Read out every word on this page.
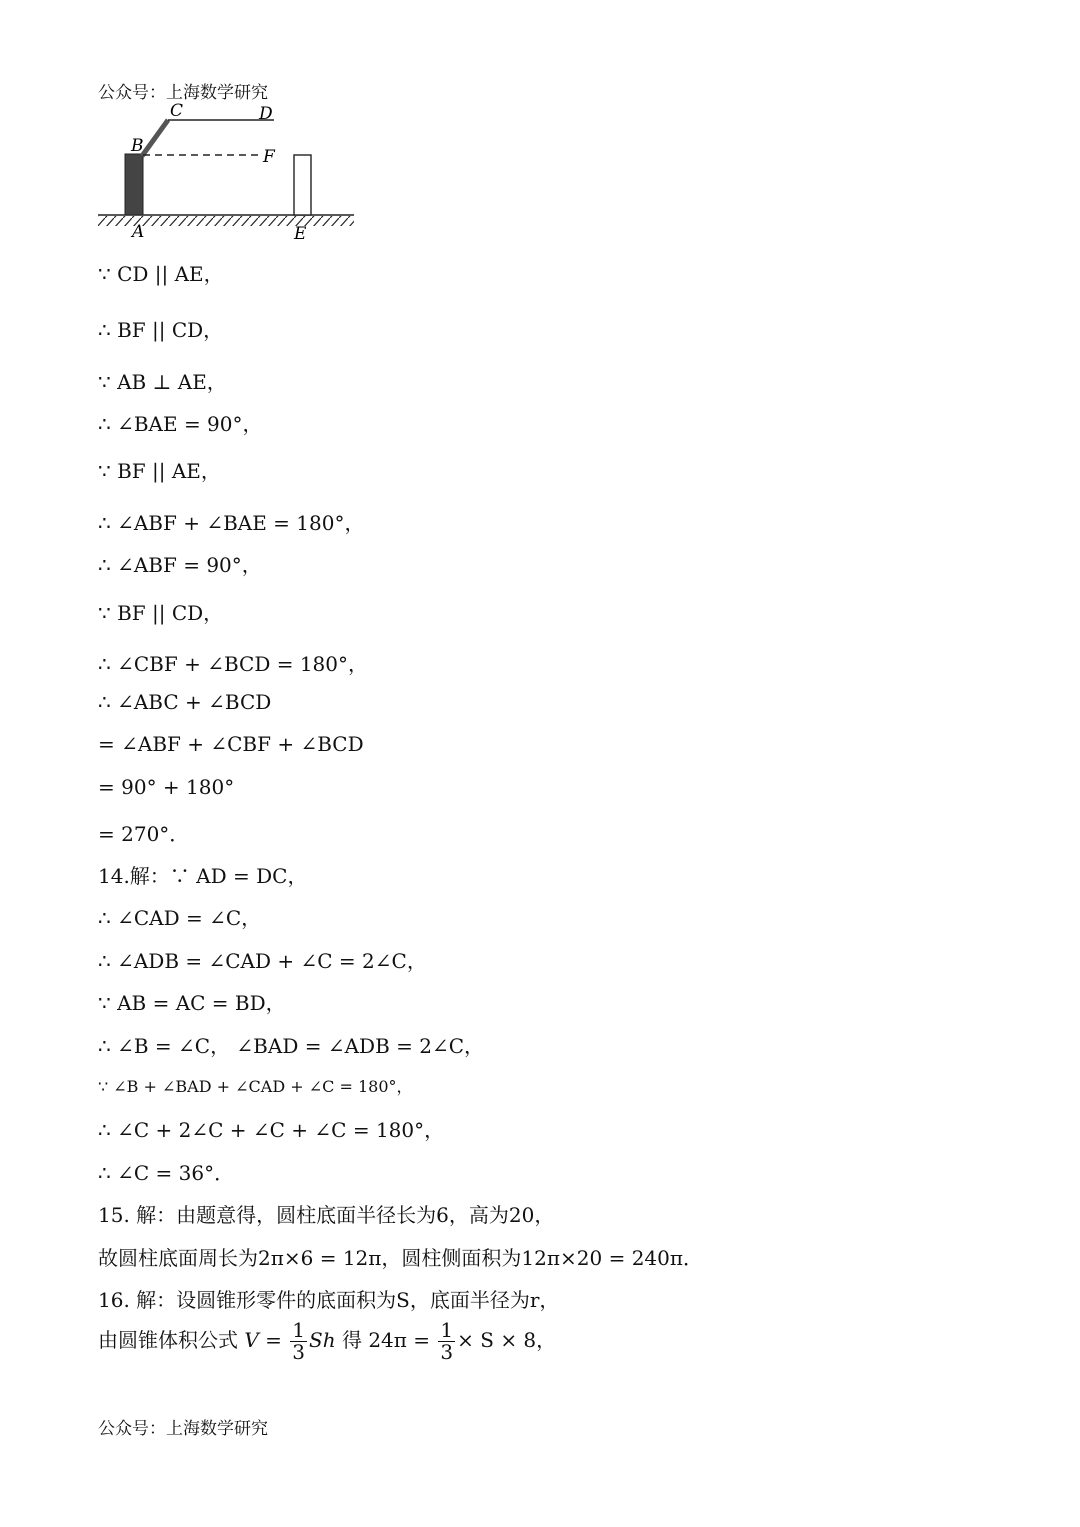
公众号：上海数学研究
C	D
B
F
A	E
∵ CD || AE，
∴ BF || CD，
∵ AB ⊥ AE，
∴ ∠BAE = 90°，
∵ BF || AE，
∴ ∠ABF + ∠BAE = 180°，
∴ ∠ABF = 90°，
∵ BF || CD，
∴ ∠CBF + ∠BCD = 180°，
∴ ∠ABC + ∠BCD
= ∠ABF + ∠CBF + ∠BCD
= 90° + 180°
= 270°．
14.解：∵ AD = DC，
∴ ∠CAD = ∠C，
∴ ∠ADB = ∠CAD + ∠C = 2∠C，
∵ AB = AC = BD，
∴ ∠B = ∠C， ∠BAD = ∠ADB = 2∠C，
∵ ∠B + ∠BAD + ∠CAD + ∠C = 180°，
∴ ∠C + 2∠C + ∠C + ∠C = 180°，
∴ ∠C = 36°．
15. 解：由题意得，圆柱底面半径长为6，高为20，
故圆柱底面周长为2π×6 = 12π，圆柱侧面积为12π×20 = 240π．
16. 解：设圆锥形零件的底面积为S，底面半径为r，
由圆锥体积公式 $V = \frac{1}{3}$ Sh 得 $24\pi = \frac{1}{3} \times S \times 8$，
公众号：上海数学研究
